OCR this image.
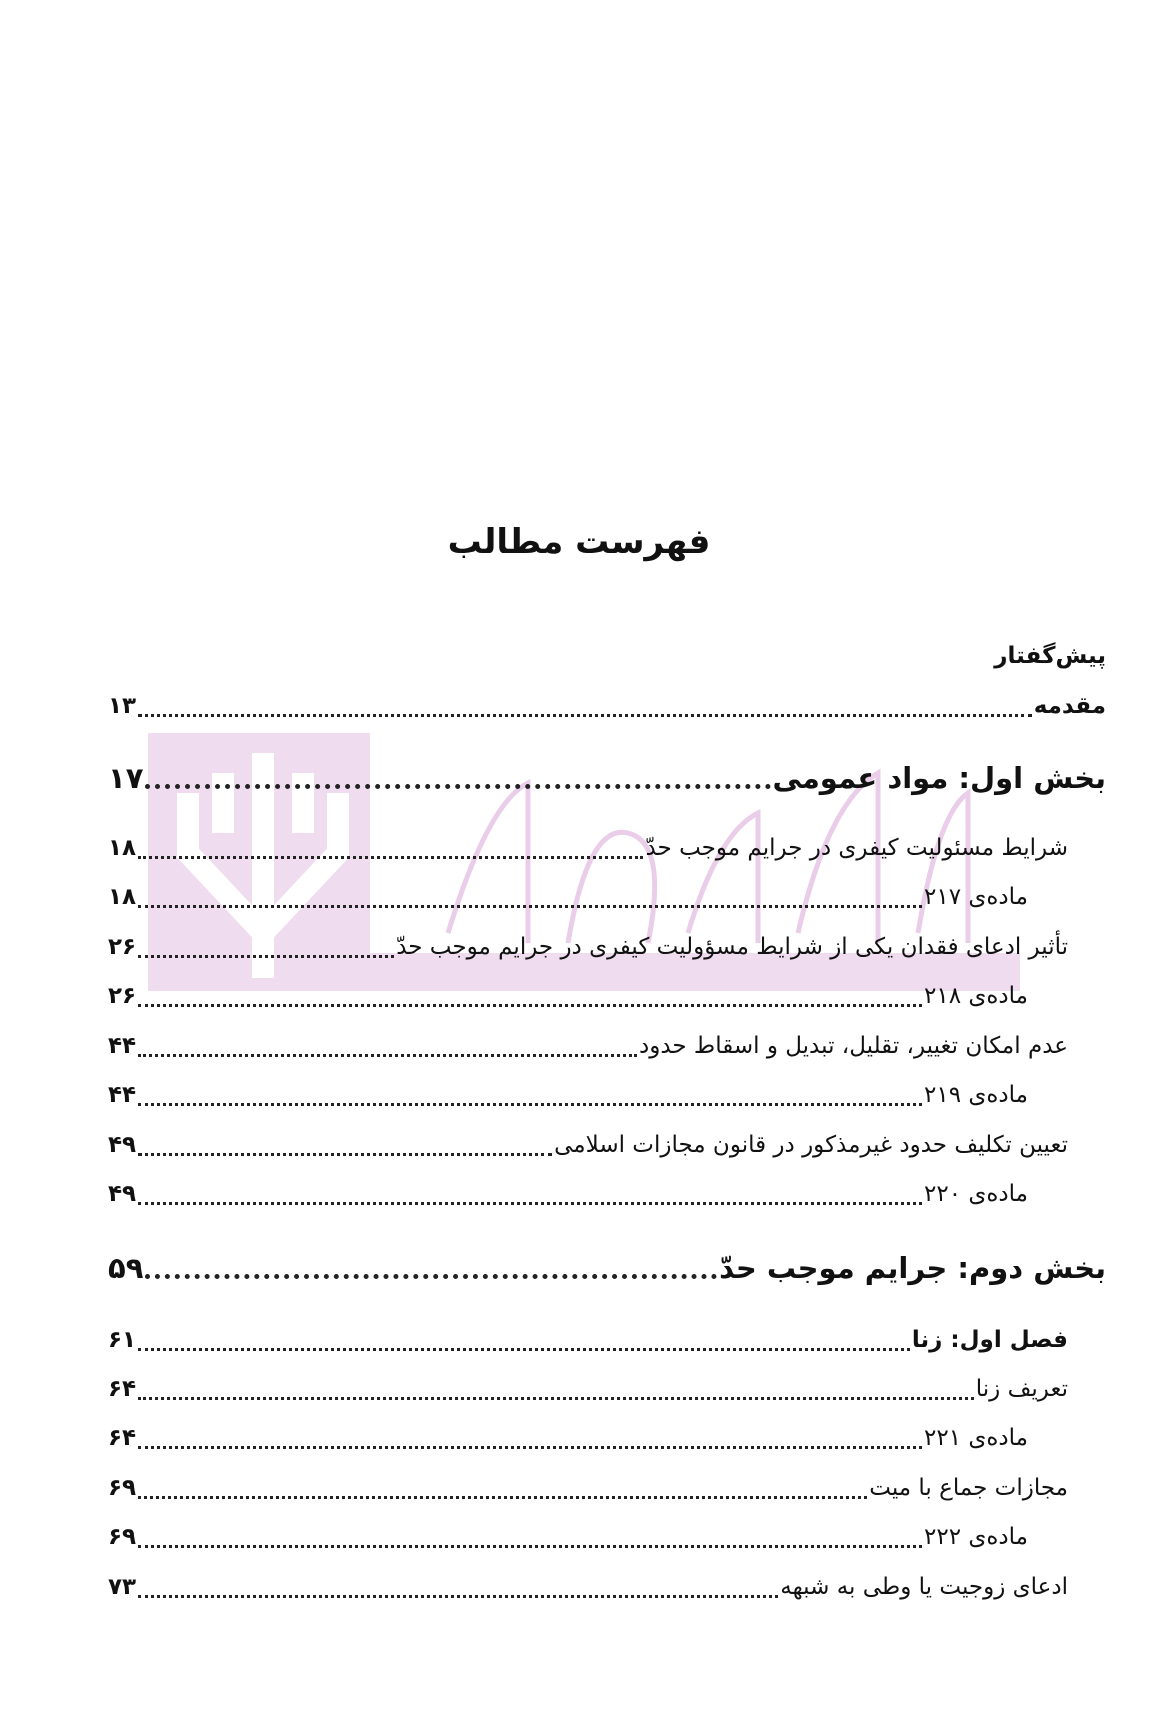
فهرست مطالب
پیش‌گفتار
مقدمه
۱۳
بخش اول: مواد عمومی
۱۷
شرایط مسئولیت کیفری در جرایم موجب حدّ
۱۸
ماده‌ی ۲۱۷
۱۸
تأثیر ادعای فقدان یکی از شرایط مسؤولیت کیفری در جرایم موجب حدّ
۲۶
ماده‌ی ۲۱۸
۲۶
عدم امکان تغییر، تقلیل، تبدیل و اسقاط حدود
۴۴
ماده‌ی ۲۱۹
۴۴
تعیین تکلیف حدود غیرمذکور در قانون مجازات اسلامی
۴۹
ماده‌ی ۲۲۰
۴۹
بخش دوم: جرایم موجب حدّ
۵۹
فصل اول: زنا
۶۱
تعریف زنا
۶۴
ماده‌ی ۲۲۱
۶۴
مجازات جماع با میت
۶۹
ماده‌ی ۲۲۲
۶۹
ادعای زوجیت یا وطی به شبهه
۷۳
